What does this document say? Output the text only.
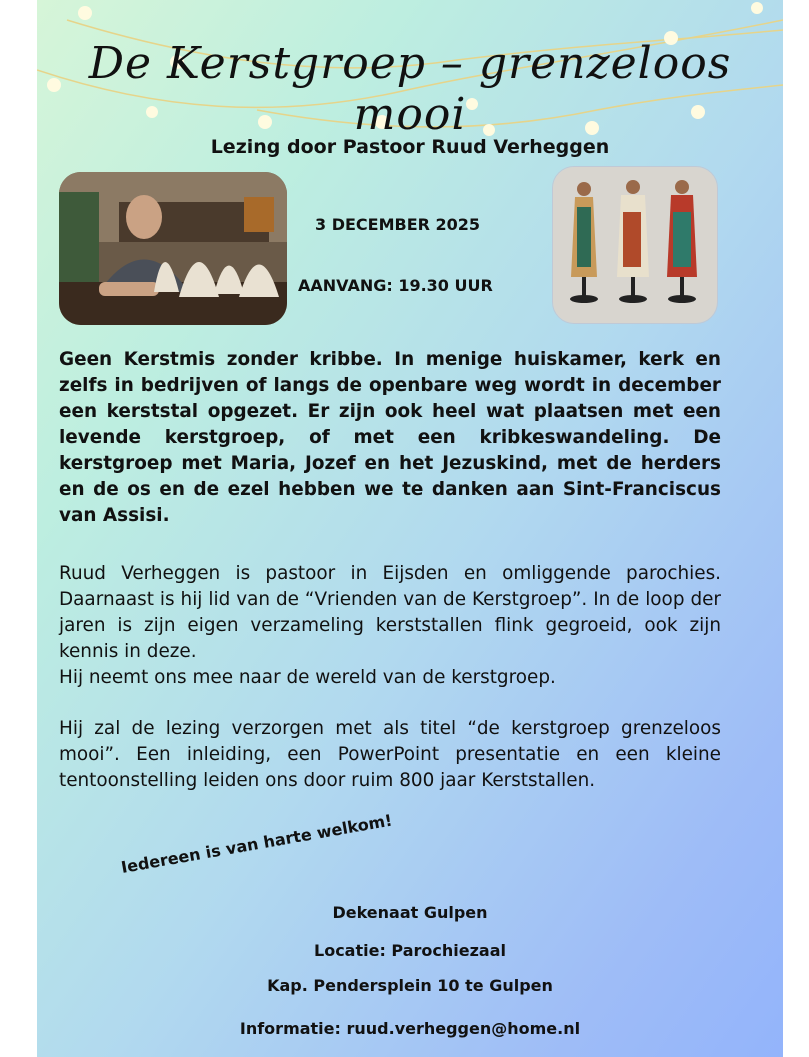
De Kerstgroep – grenzeloos mooi
Lezing door Pastoor Ruud Verheggen
3 DECEMBER 2025
AANVANG: 19.30 UUR
Geen Kerstmis zonder kribbe. In menige huiskamer, kerk en zelfs in bedrijven of langs de openbare weg wordt in december een kerststal opgezet. Er zijn ook heel wat plaatsen met een levende kerstgroep, of met een kribkeswandeling. De kerstgroep met Maria, Jozef en het Jezuskind, met de herders en de os en de ezel hebben we te danken aan Sint-Franciscus van Assisi.
Ruud Verheggen is pastoor in Eijsden en omliggende parochies. Daarnaast is hij lid van de “Vrienden van de Kerstgroep”. In de loop der jaren is zijn eigen verzameling kerststallen flink gegroeid, ook zijn kennis in deze.
Hij neemt ons mee naar de wereld van de kerstgroep.
Hij zal de lezing verzorgen met als titel “de kerstgroep grenzeloos mooi”. Een inleiding, een PowerPoint presentatie en een kleine tentoonstelling leiden ons door ruim 800 jaar Kerststallen.
Iedereen is van harte welkom!
Dekenaat Gulpen
Locatie: Parochiezaal
Kap. Pendersplein 10 te Gulpen
Informatie: ruud.verheggen@home.nl
